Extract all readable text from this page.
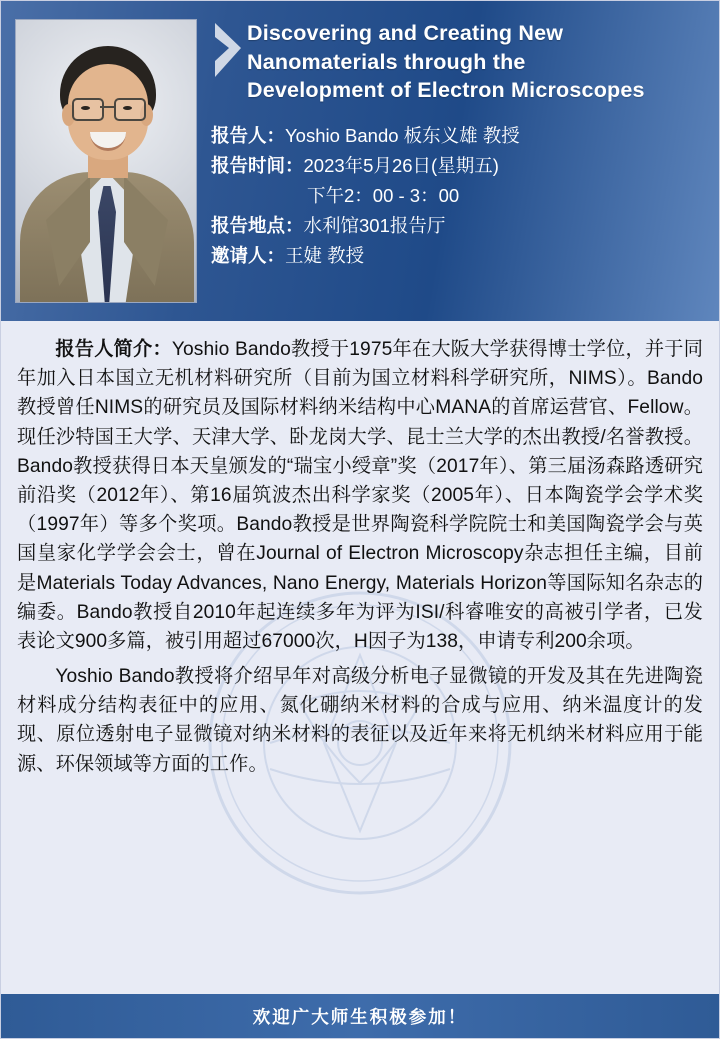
Discovering and Creating New
Nanomaterials through the
Development of Electron Microscopes
报告人：Yoshio Bando 板东义雄 教授
报告时间：2023年5月26日(星期五)
下午2：00 - 3：00
报告地点：水利馆301报告厅
邀请人：王婕 教授

报告人简介：Yoshio Bando教授于1975年在大阪大学获得博士学位，并于同年加入日本国立无机材料研究所（目前为国立材料科学研究所，NIMS）。Bando教授曾任NIMS的研究员及国际材料纳米结构中心MANA的首席运营官、Fellow。现任沙特国王大学、天津大学、卧龙岗大学、昆士兰大学的杰出教授/名誉教授。Bando教授获得日本天皇颁发的“瑞宝小绶章”奖（2017年）、第三届汤森路透研究前沿奖（2012年）、第16届筑波杰出科学家奖（2005年）、日本陶瓷学会学术奖（1997年）等多个奖项。Bando教授是世界陶瓷科学院院士和美国陶瓷学会与英国皇家化学学会会士，曾在Journal of Electron Microscopy杂志担任主编，目前是Materials Today Advances, Nano Energy, Materials Horizon等国际知名杂志的编委。Bando教授自2010年起连续多年为评为ISI/科睿唯安的高被引学者，已发表论文900多篇，被引用超过67000次，H因子为138，申请专利200余项。

Yoshio Bando教授将介绍早年对高级分析电子显微镜的开发及其在先进陶瓷材料成分结构表征中的应用、氮化硼纳米材料的合成与应用、纳米温度计的发现、原位透射电子显微镜对纳米材料的表征以及近年来将无机纳米材料应用于能源、环保领域等方面的工作。

欢迎广大师生积极参加！
